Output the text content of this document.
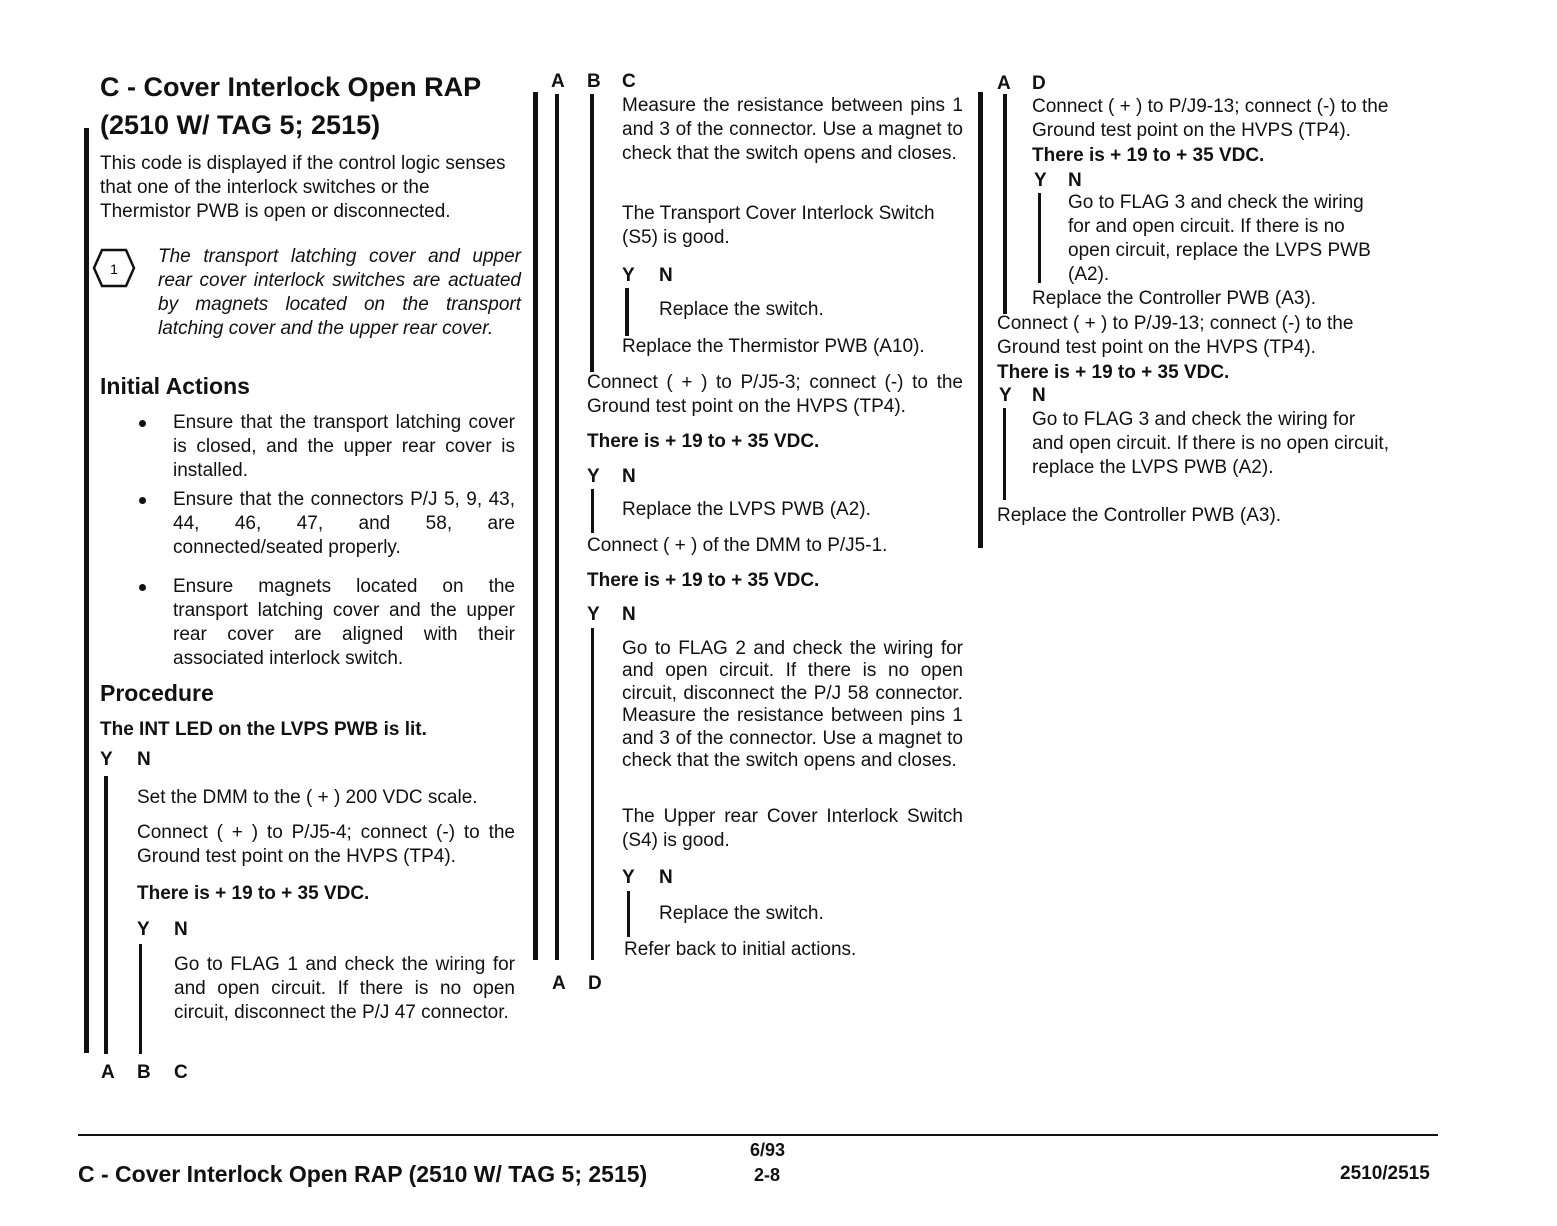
C - Cover Interlock Open RAP
(2510 W/ TAG 5; 2515)
This code is displayed if the control logic senses that one of the interlock switches or the Thermistor PWB is open or disconnected.
1
The transport latching cover and upper rear cover interlock switches are actuated by magnets located on the transport latching cover and the upper rear cover.
Initial Actions
Ensure that the transport latching cover is closed, and the upper rear cover is installed.
Ensure that the connectors P/J 5, 9, 43, 44, 46, 47, and 58, are connected/seated properly.
Ensure magnets located on the transport latching cover and the upper rear cover are aligned with their associated interlock switch.
Procedure
The INT LED on the LVPS PWB is lit.
Y N
Set the DMM to the ( + ) 200 VDC scale.
Connect ( + ) to P/J5-4; connect (-) to the Ground test point on the HVPS (TP4).
There is + 19 to + 35 VDC.
Y N
Go to FLAG 1 and check the wiring for and open circuit. If there is no open circuit, disconnect the P/J 47 connector.
A B C
A B C
Measure the resistance between pins 1 and 3 of the connector. Use a magnet to check that the switch opens and closes.
The Transport Cover Interlock Switch (S5) is good.
Y N
Replace the switch.
Replace the Thermistor PWB (A10).
Connect ( + ) to P/J5-3; connect (-) to the Ground test point on the HVPS (TP4).
There is + 19 to + 35 VDC.
Y N
Replace the LVPS PWB (A2).
Connect ( + ) of the DMM to P/J5-1.
There is + 19 to + 35 VDC.
Y N
Go to FLAG 2 and check the wiring for and open circuit. If there is no open circuit, disconnect the P/J 58 connector. Measure the resistance between pins 1 and 3 of the connector. Use a magnet to check that the switch opens and closes.
The Upper rear Cover Interlock Switch (S4) is good.
Y N
Replace the switch.
Refer back to initial actions.
A D
A D
Connect ( + ) to P/J9-13; connect (-) to the Ground test point on the HVPS (TP4).
There is + 19 to + 35 VDC.
Y N
Go to FLAG 3 and check the wiring for and open circuit. If there is no open circuit, replace the LVPS PWB (A2).
Replace the Controller PWB (A3).
Connect ( + ) to P/J9-13; connect (-) to the Ground test point on the HVPS (TP4).
There is + 19 to + 35 VDC.
Y N
Go to FLAG 3 and check the wiring for and open circuit. If there is no open circuit, replace the LVPS PWB (A2).
Replace the Controller PWB (A3).
C - Cover Interlock Open RAP (2510 W/ TAG 5; 2515)
6/93
2-8	2510/2515
